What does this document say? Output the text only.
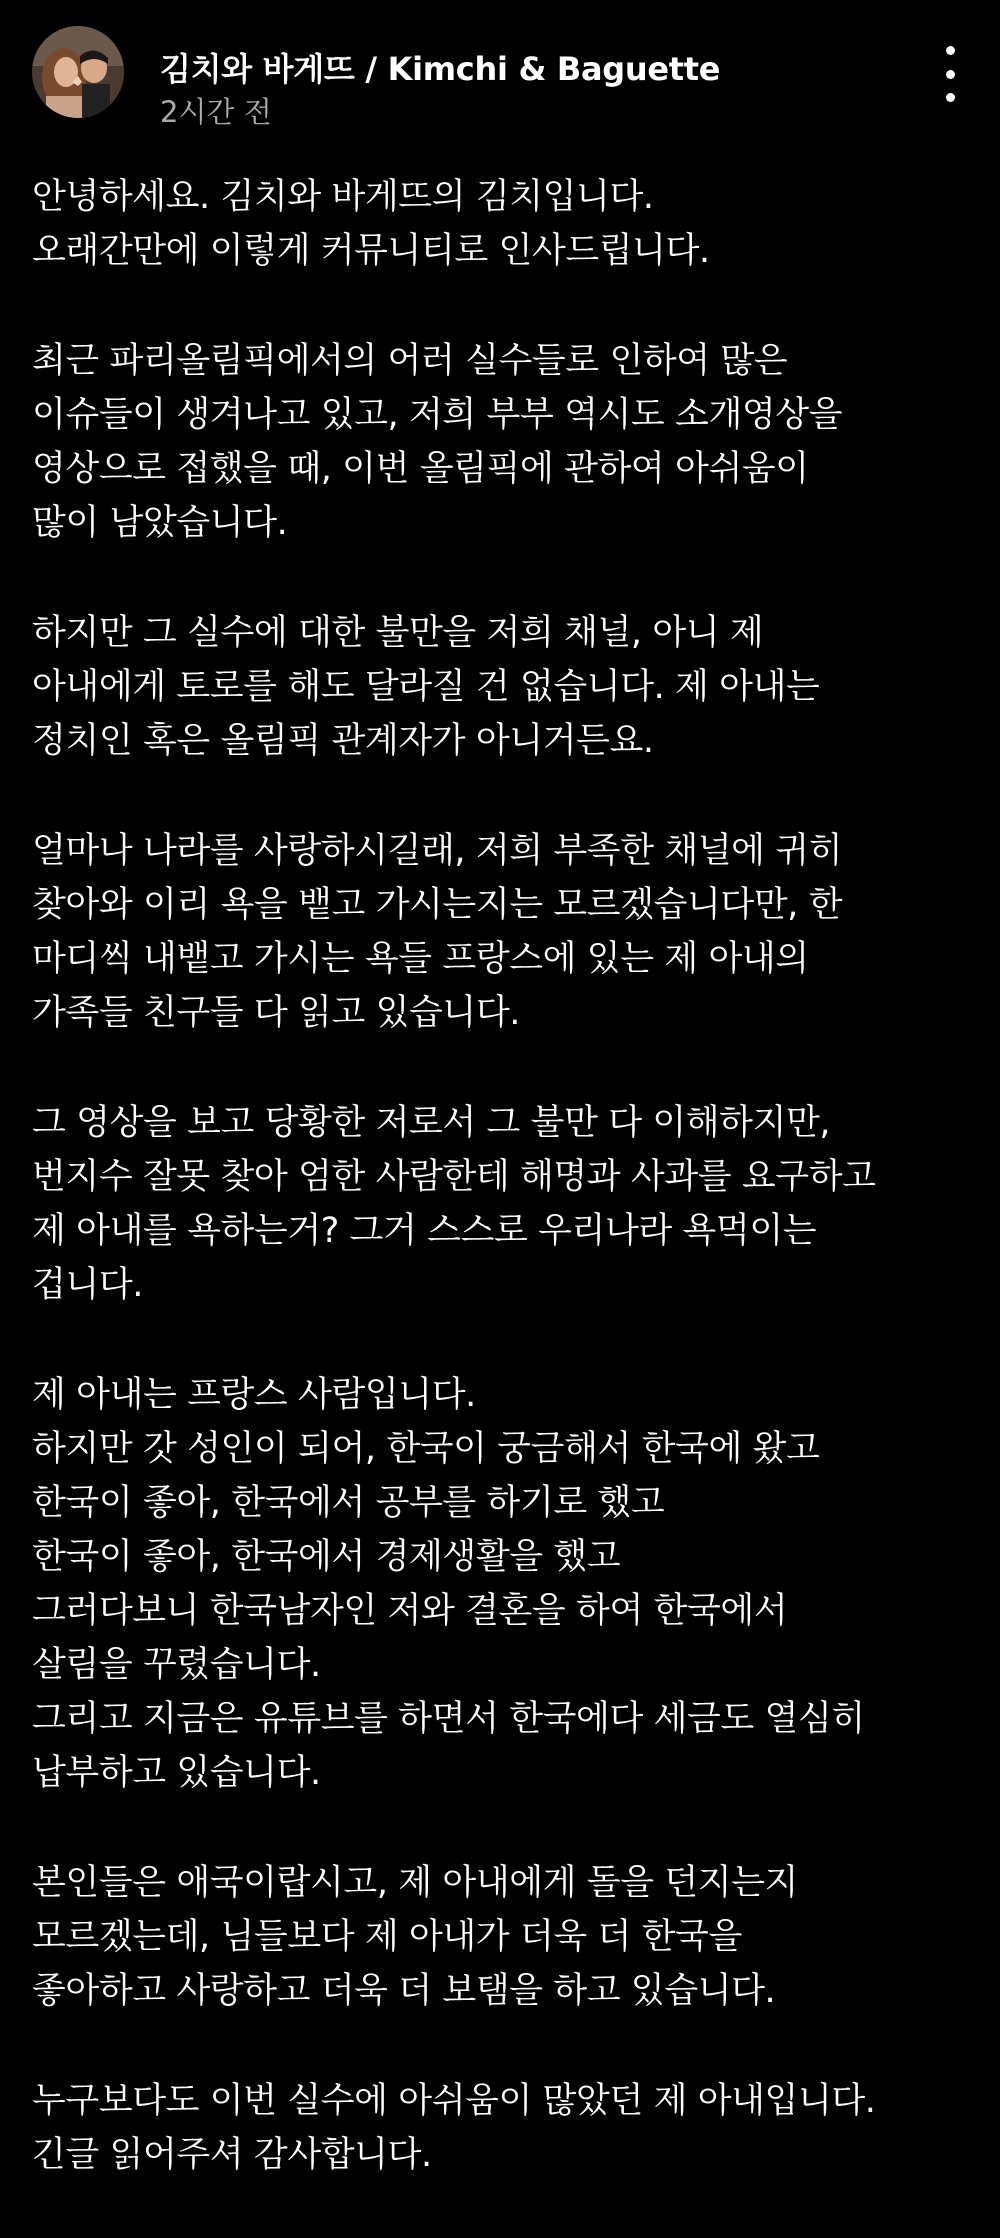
김치와 바게뜨 / Kimchi & Baguette
2시간 전
안녕하세요. 김치와 바게뜨의 김치입니다.
오래간만에 이렇게 커뮤니티로 인사드립니다.
최근 파리올림픽에서의 어러 실수들로 인하여 많은
이슈들이 생겨나고 있고, 저희 부부 역시도 소개영상을
영상으로 접했을 때, 이번 올림픽에 관하여 아쉬움이
많이 남았습니다.
하지만 그 실수에 대한 불만을 저희 채널, 아니 제
아내에게 토로를 해도 달라질 건 없습니다. 제 아내는
정치인 혹은 올림픽 관계자가 아니거든요.
얼마나 나라를 사랑하시길래, 저희 부족한 채널에 귀히
찾아와 이리 욕을 뱉고 가시는지는 모르겠습니다만, 한
마디씩 내뱉고 가시는 욕들 프랑스에 있는 제 아내의
가족들 친구들 다 읽고 있습니다.
그 영상을 보고 당황한 저로서 그 불만 다 이해하지만,
번지수 잘못 찾아 엄한 사람한테 해명과 사과를 요구하고
제 아내를 욕하는거? 그거 스스로 우리나라 욕먹이는
겁니다.
제 아내는 프랑스 사람입니다.
하지만 갓 성인이 되어, 한국이 궁금해서 한국에 왔고
한국이 좋아, 한국에서 공부를 하기로 했고
한국이 좋아, 한국에서 경제생활을 했고
그러다보니 한국남자인 저와 결혼을 하여 한국에서
살림을 꾸렸습니다.
그리고 지금은 유튜브를 하면서 한국에다 세금도 열심히
납부하고 있습니다.
본인들은 애국이랍시고, 제 아내에게 돌을 던지는지
모르겠는데, 님들보다 제 아내가 더욱 더 한국을
좋아하고 사랑하고 더욱 더 보탬을 하고 있습니다.
누구보다도 이번 실수에 아쉬움이 많았던 제 아내입니다.
긴글 읽어주셔 감사합니다.
